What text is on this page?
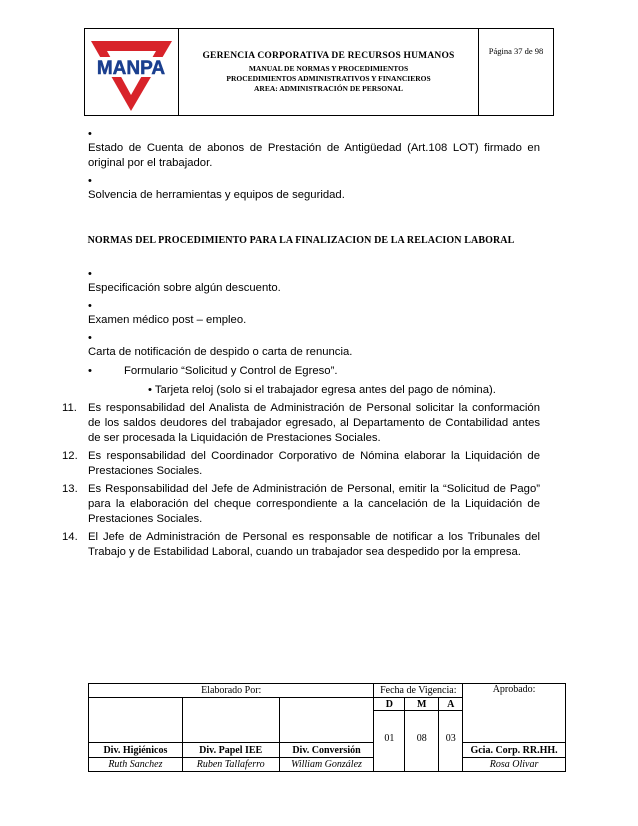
MANPA
GERENCIA CORPORATIVA DE RECURSOS HUMANOS
MANUAL DE NORMAS Y PROCEDIMIENTOS
PROCEDIMIENTOS ADMINISTRATIVOS Y FINANCIEROS
AREA: ADMINISTRACIÓN DE PERSONAL
Página 37 de 98
•
Estado de Cuenta de abonos de Prestación de Antigüedad (Art.108 LOT) firmado en original por el trabajador.
•
Solvencia de herramientas y equipos de seguridad.
NORMAS DEL PROCEDIMIENTO PARA LA FINALIZACION DE LA RELACION LABORAL
•
Especificación sobre algún descuento.
•
Examen médico post – empleo.
•
Carta de notificación de despido o carta de renuncia.
•	Formulario “Solicitud y Control de Egreso”.
• Tarjeta reloj (solo si el trabajador egresa antes del pago de nómina).
11. Es responsabilidad del Analista de Administración de Personal solicitar la conformación de los saldos deudores del trabajador egresado, al Departamento de Contabilidad antes de ser procesada la Liquidación de Prestaciones Sociales.
12. Es responsabilidad del Coordinador Corporativo de Nómina elaborar la Liquidación de Prestaciones Sociales.
13. Es Responsabilidad del Jefe de Administración de Personal, emitir la “Solicitud de Pago” para la elaboración del cheque correspondiente a la cancelación de la Liquidación de Prestaciones Sociales.
14. El Jefe de Administración de Personal es responsable de notificar a los Tribunales del Trabajo y de Estabilidad Laboral, cuando un trabajador sea despedido por la empresa.
Elaborado Por:			Fecha de Vigencia:			Aprobado:
			D	M	A	
			01	08	03	
Div. Higiénicos	Div. Papel IEE	Div. Conversión				Gcia. Corp. RR.HH.
Ruth Sanchez	Ruben Tallaferro	William González				Rosa Olivar
